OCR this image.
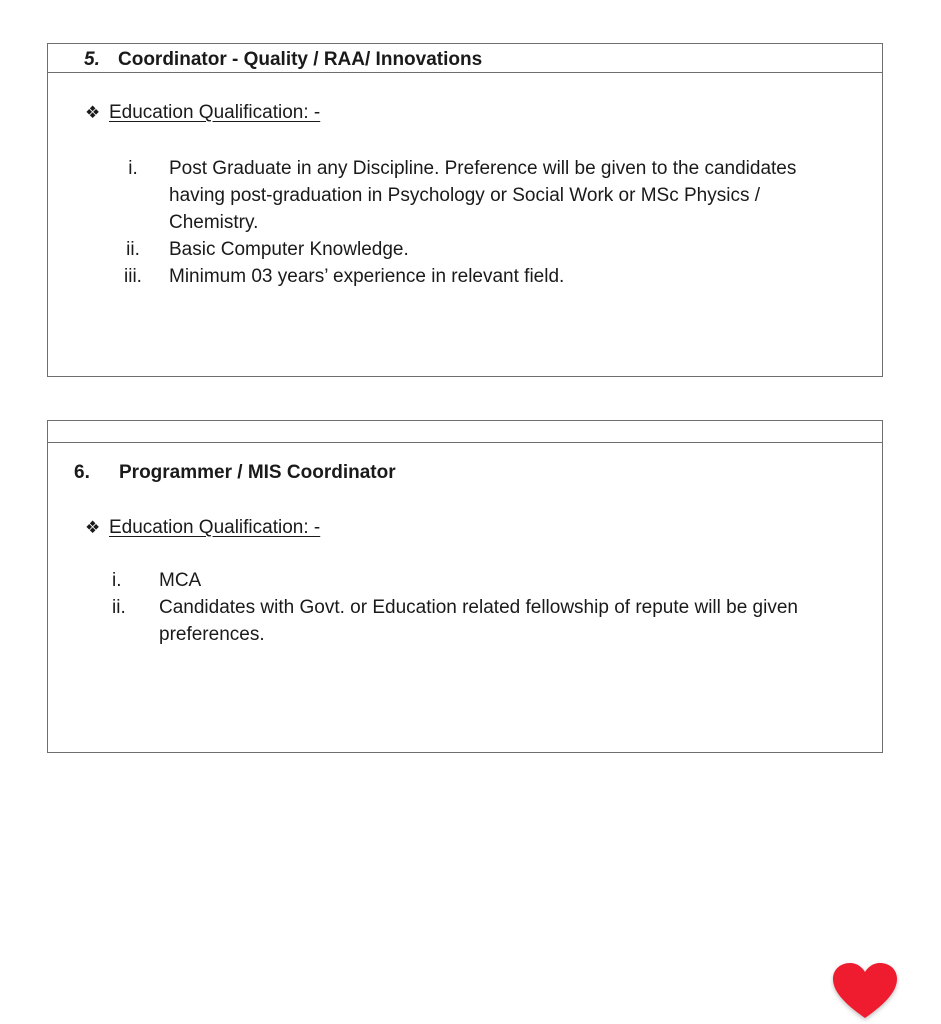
5. Coordinator - Quality / RAA/ Innovations
❖ Education Qualification: -
i.	Post Graduate in any Discipline. Preference will be given to the candidates
having post-graduation in Psychology or Social Work or MSc Physics /
Chemistry.
ii.	Basic Computer Knowledge.
iii.	Minimum 03 years’ experience in relevant field.
6. Programmer / MIS Coordinator
❖ Education Qualification: -
i.	MCA
ii.	Candidates with Govt. or Education related fellowship of repute will be given
preferences.
